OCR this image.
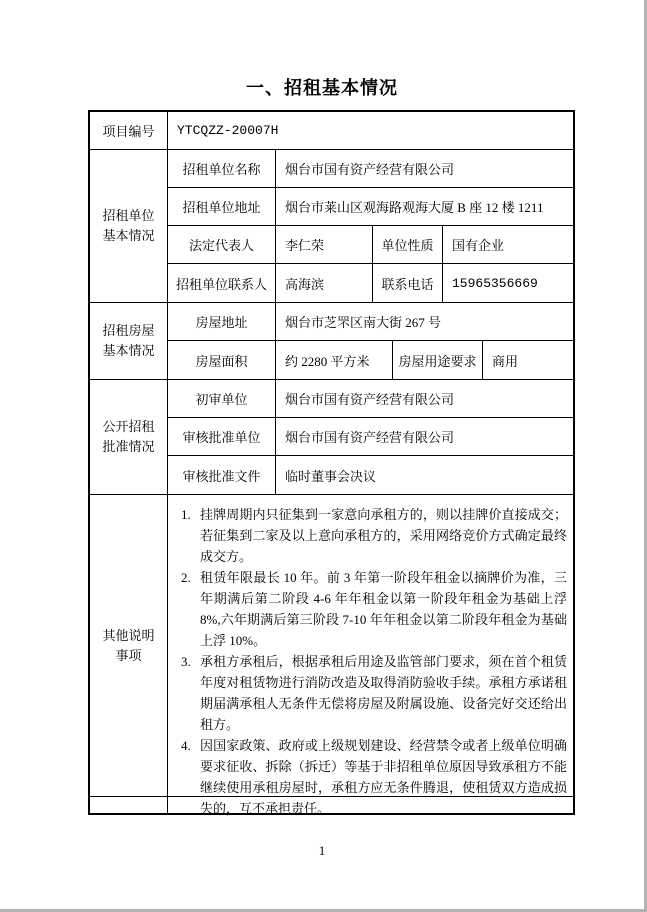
一、招租基本情况
项目编号	YTCQZZ-20007H
招租单位
基本情况
招租单位名称	烟台市国有资产经营有限公司
招租单位地址	烟台市莱山区观海路观海大厦 B 座 12 楼 1211
法定代表人	李仁荣	单位性质	国有企业
招租单位联系人	高海滨	联系电话	15965356669
招租房屋
基本情况
房屋地址	烟台市芝罘区南大街 267 号
房屋面积	约 2280 平方米	房屋用途要求	商用
公开招租
批准情况
初审单位	烟台市国有资产经营有限公司
审核批准单位	烟台市国有资产经营有限公司
审核批准文件	临时董事会决议
其他说明
事项
1. 挂牌周期内只征集到一家意向承租方的，则以挂牌价直接成交；若征集到二家及以上意向承租方的，采用网络竞价方式确定最终成交方。
2. 租赁年限最长 10 年。前 3 年第一阶段年租金以摘牌价为准，三年期满后第二阶段 4-6 年年租金以第一阶段年租金为基础上浮 8%,六年期满后第三阶段 7-10 年年租金以第二阶段年租金为基础上浮 10%。
3. 承租方承租后，根据承租后用途及监管部门要求，须在首个租赁年度对租赁物进行消防改造及取得消防验收手续。承租方承诺租期届满承租人无条件无偿将房屋及附属设施、设备完好交还给出租方。
4. 因国家政策、政府或上级规划建设、经营禁令或者上级单位明确要求征收、拆除（拆迁）等基于非招租单位原因导致承租方不能继续使用承租房屋时，承租方应无条件腾退，使租赁双方造成损失的，互不承担责任。
1
